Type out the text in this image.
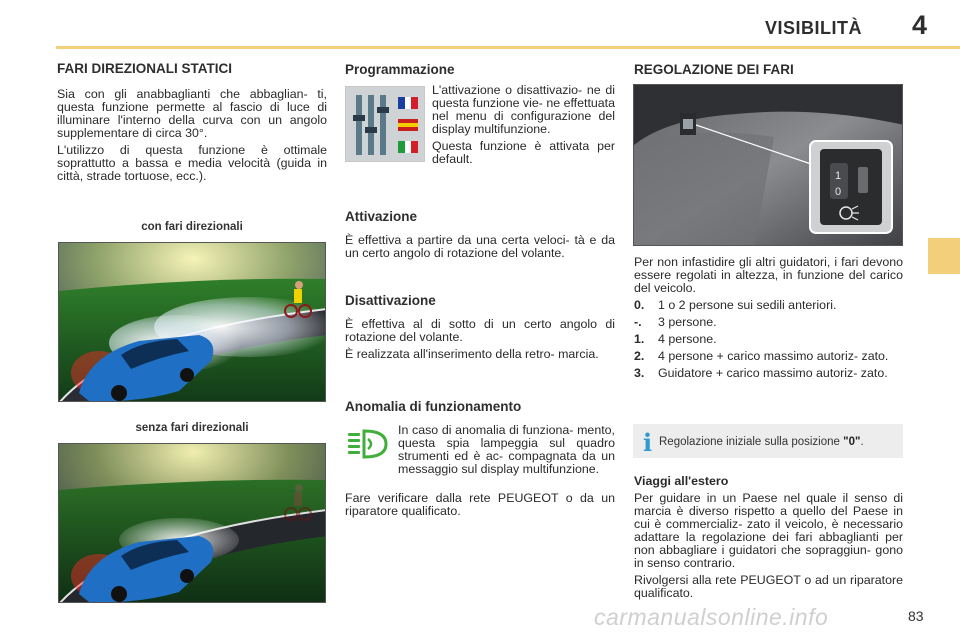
VISIBILITÀ 4
FARI DIREZIONALI STATICI
Sia con gli anabbaglianti che abbaglian- ti, questa funzione permette al fascio di luce di illuminare l'interno della curva con un angolo supplementare di circa 30°.
L'utilizzo di questa funzione è ottimale soprattutto a bassa e media velocità (guida in città, strade tortuose, ecc.).
con fari direzionali
senza fari direzionali
Programmazione
L'attivazione o disattivazio- ne di questa funzione vie- ne effettuata nel menu di configurazione del display multifunzione.
Questa funzione è attivata per default.
Attivazione
È effettiva a partire da una certa veloci- tà e da un certo angolo di rotazione del volante.
Disattivazione
È effettiva al di sotto di un certo angolo di rotazione del volante.
È realizzata all'inserimento della retro- marcia.
Anomalia di funzionamento
In caso di anomalia di funziona- mento, questa spia lampeggia sul quadro strumenti ed è ac- compagnata da un messaggio sul display multifunzione.
Fare verificare dalla rete PEUGEOT o da un riparatore qualificato.
REGOLAZIONE DEI FARI
1
0
Per non infastidire gli altri guidatori, i fari devono essere regolati in altezza, in funzione del carico del veicolo.
0.	1 o 2 persone sui sedili anteriori.
-.	3 persone.
1.	4 persone.
2.	4 persone + carico massimo autoriz- zato.
3.	Guidatore + carico massimo autoriz- zato.
i Regolazione iniziale sulla posizione "0".
Viaggi all'estero
Per guidare in un Paese nel quale il senso di marcia è diverso rispetto a quello del Paese in cui è commercializ- zato il veicolo, è necessario adattare la regolazione dei fari abbaglianti per non abbagliare i guidatori che sopraggiun- gono in senso contrario.
Rivolgersi alla rete PEUGEOT o ad un riparatore qualificato.
carmanualsonline.info	83
